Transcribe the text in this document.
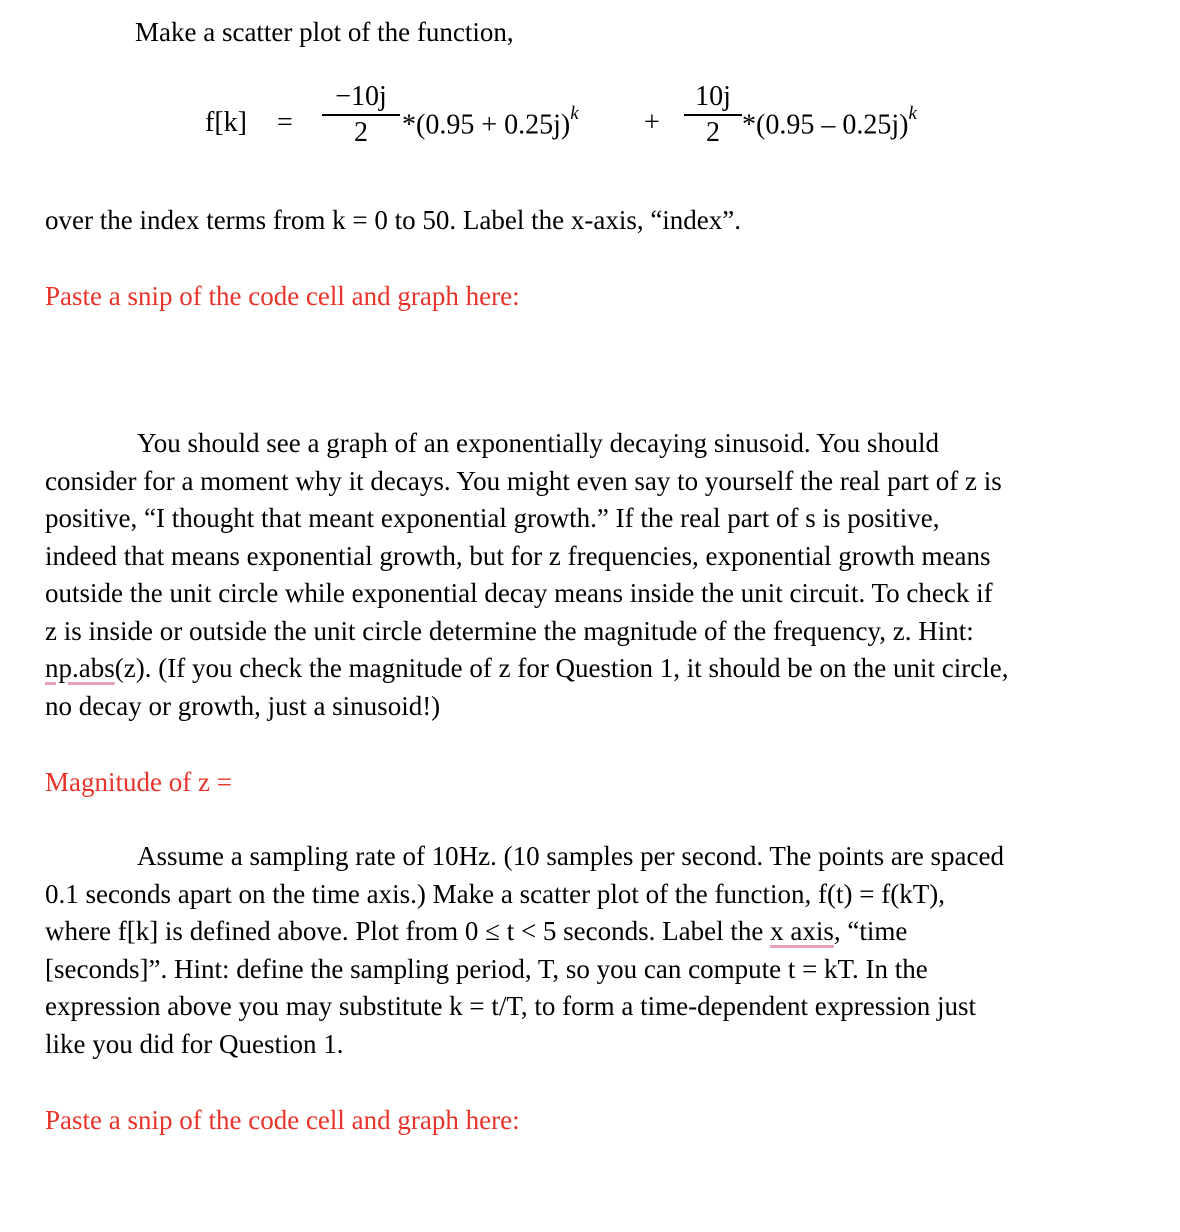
Make a scatter plot of the function,
f[k] =
−10j
2	$*(0.95 + 0.25j)^k$ +
10j
2 *(0.95 – 0.25j)$^k$
over the index terms from k = 0 to 50. Label the x-axis, “index”.
Paste a snip of the code cell and graph here:
You should see a graph of an exponentially decaying sinusoid. You should
consider for a moment why it decays. You might even say to yourself the real part of z is
positive, “I thought that meant exponential growth.” If the real part of s is positive,
indeed that means exponential growth, but for z frequencies, exponential growth means
outside the unit circle while exponential decay means inside the unit circuit. To check if
z is inside or outside the unit circle determine the magnitude of the frequency, z. Hint:
np.abs(z). (If you check the magnitude of z for Question 1, it should be on the unit circle,
no decay or growth, just a sinusoid!)
Magnitude of z =
Assume a sampling rate of 10Hz. (10 samples per second. The points are spaced
0.1 seconds apart on the time axis.) Make a scatter plot of the function, f(t) = f(kT),
where f[k] is defined above. Plot from 0 ≤ t < 5 seconds. Label the x axis, “time
[seconds]”. Hint: define the sampling period, T, so you can compute t = kT. In the
expression above you may substitute k = t/T, to form a time-dependent expression just
like you did for Question 1.
Paste a snip of the code cell and graph here:
